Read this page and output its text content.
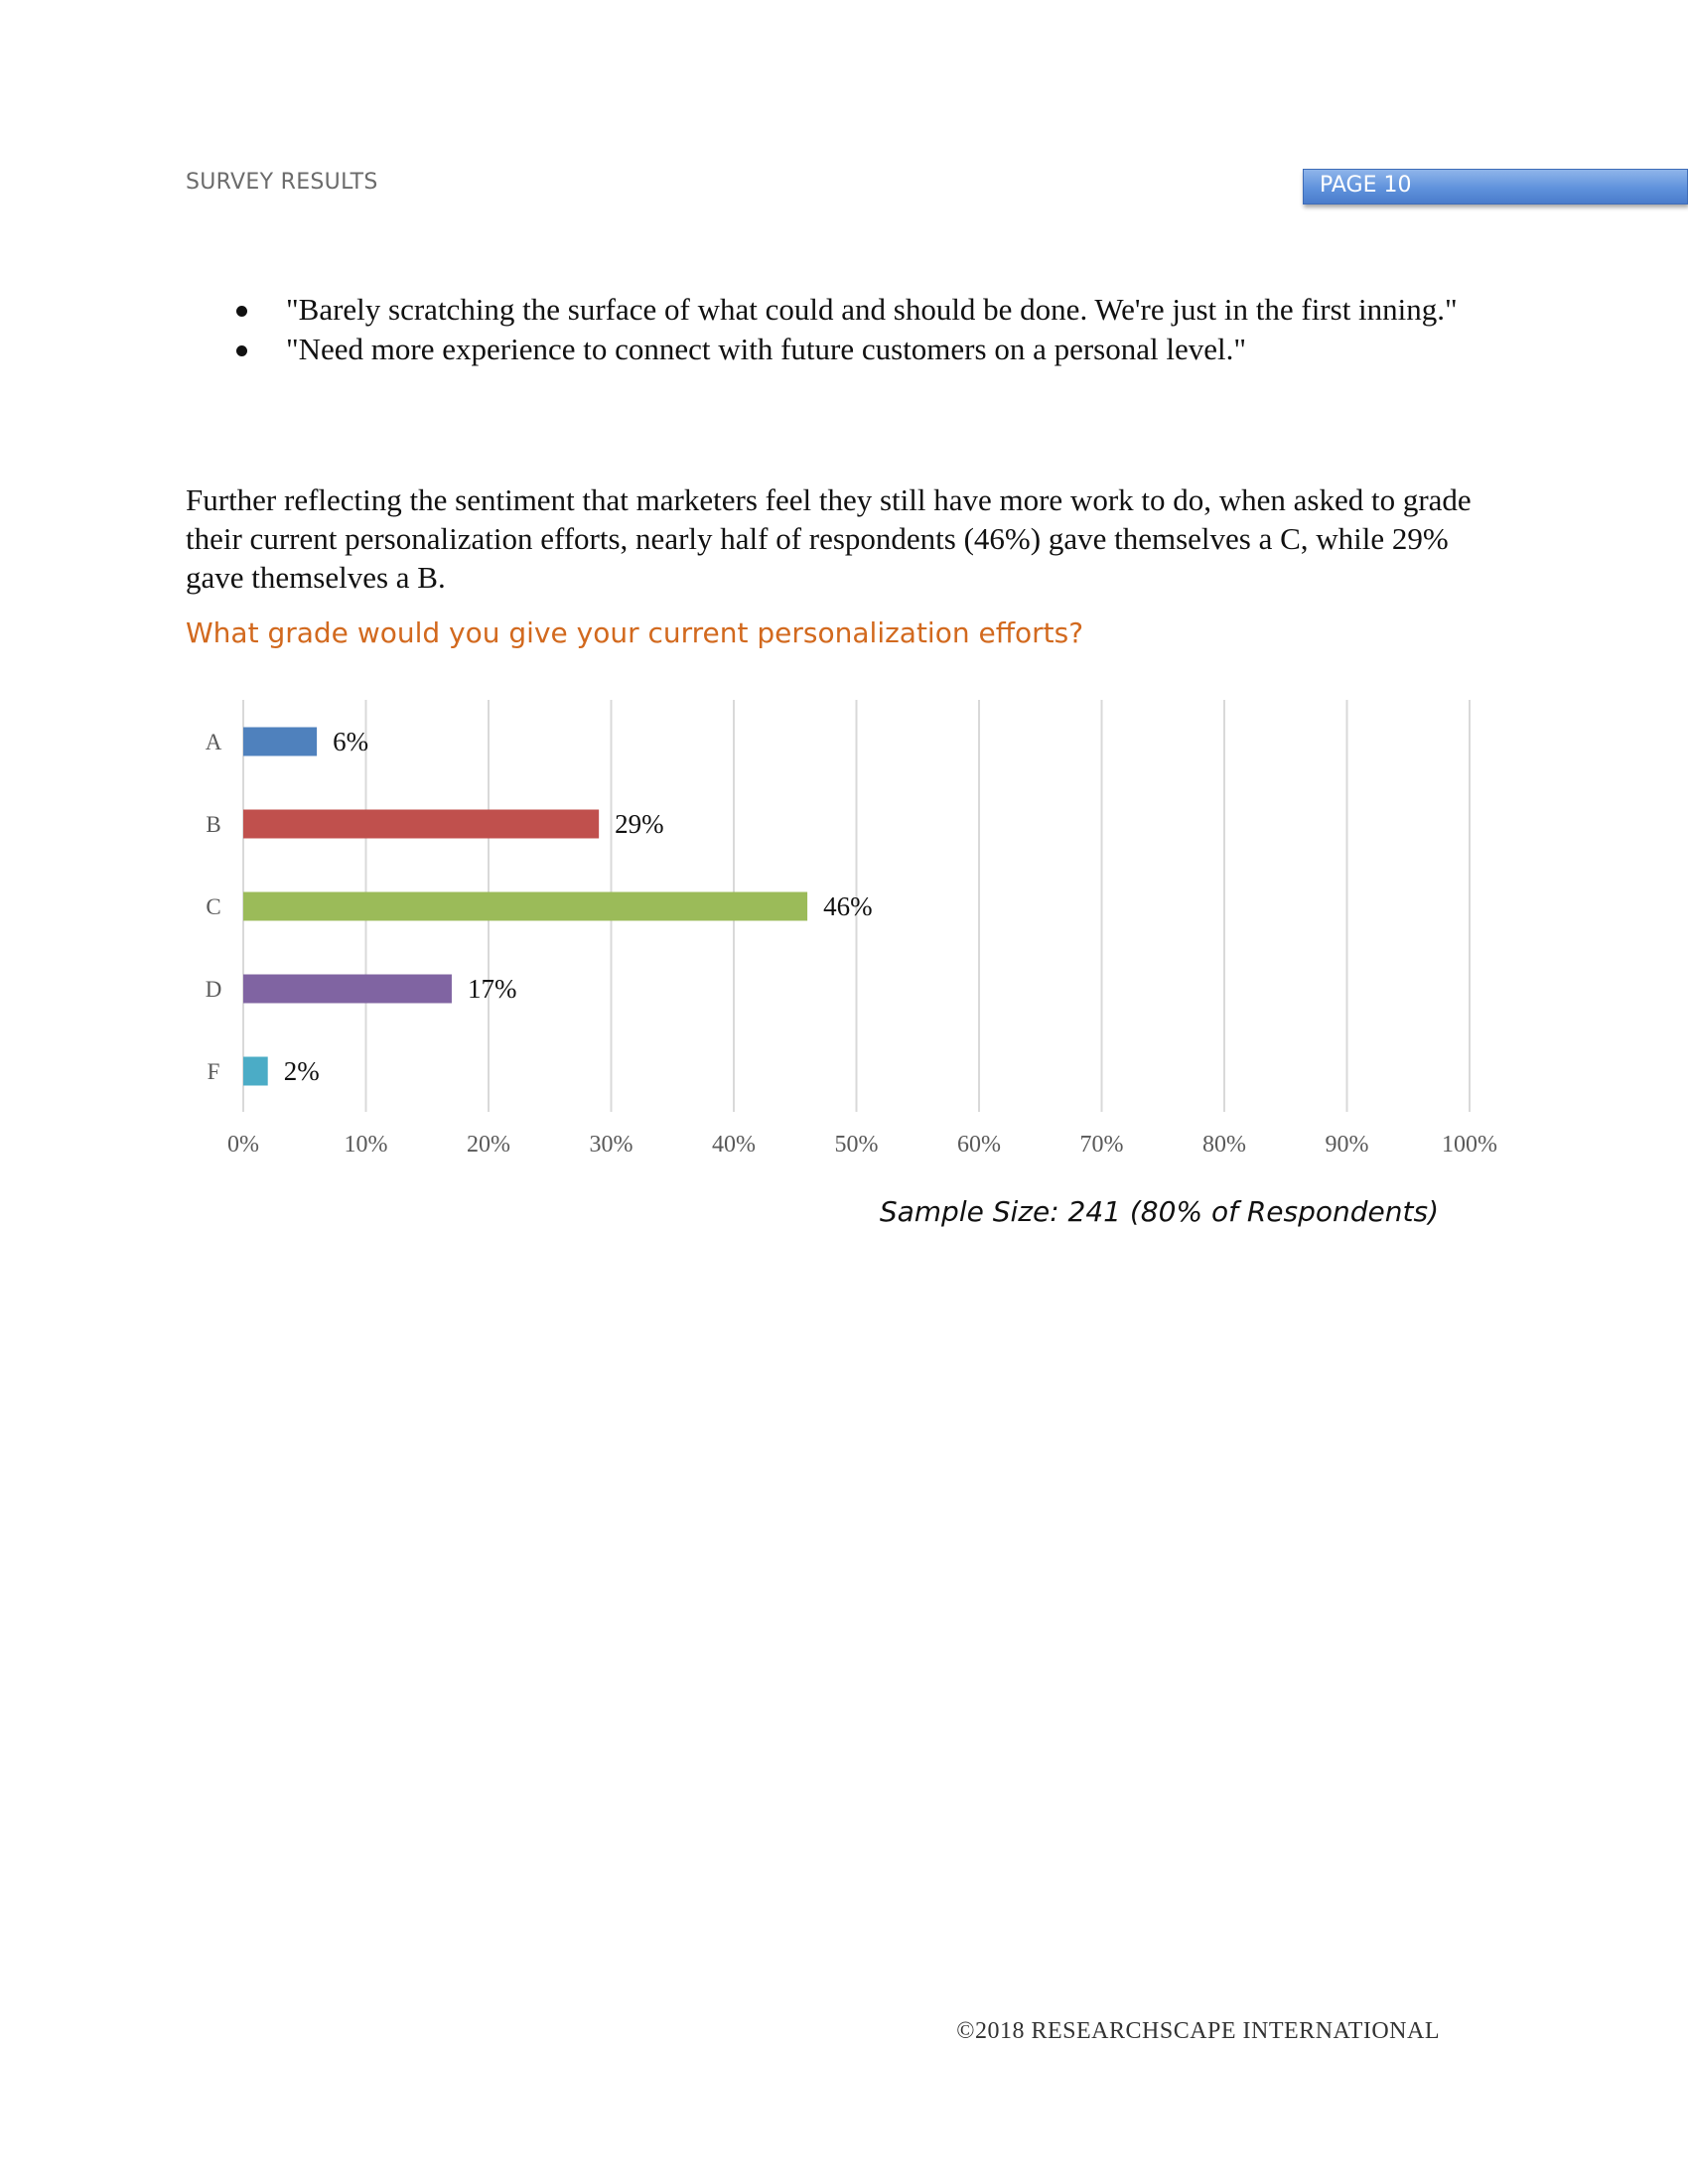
SURVEY RESULTS	PAGE 10
"Barely scratching the surface of what could and should be done. We're just in the first inning."
"Need more experience to connect with future customers on a personal level."

Further reflecting the sentiment that marketers feel they still have more work to do, when asked to grade their current personalization efforts, nearly half of respondents (46%) gave themselves a C, while 29% gave themselves a B.

What grade would you give your current personalization efforts?
0%	10%	20%	30%	40%	50%	60%	70%	80%	90%	100%
A	6%
B	29%
C	46%
D	17%
F 2%
Sample Size: 241 (80% of Respondents)
©2018 RESEARCHSCAPE INTERNATIONAL
